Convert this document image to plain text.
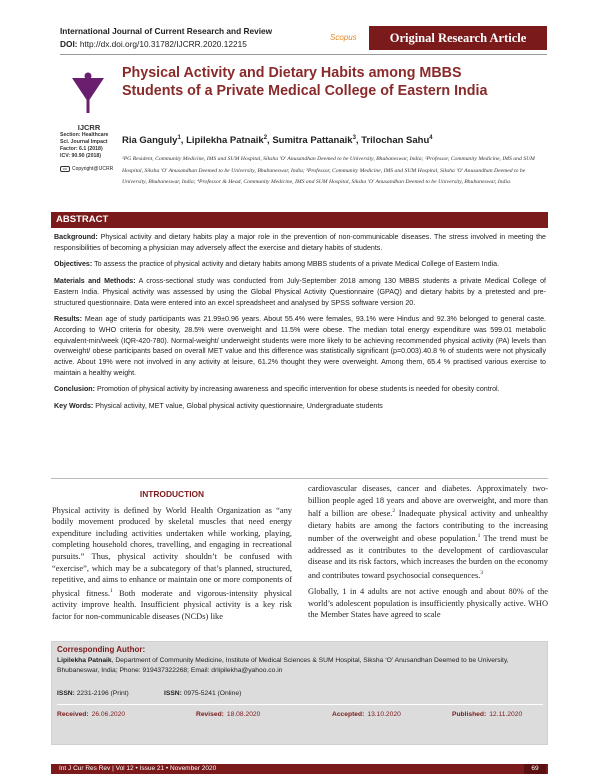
International Journal of Current Research and Review
DOI: http://dx.doi.org/10.31782/IJCRR.2020.12215
Scopus	Original Research Article
IJCRR
Section: Healthcare
Sci. Journal Impact
Factor: 6.1 (2018)
ICV: 90.90 (2018)
cc	Copyright@IJCRR
Physical Activity and Dietary Habits among MBBS Students of a Private Medical College of Eastern India
Ria Ganguly$^1$, Lipilekha Patnaik$^2$, Sumitra Pattanaik$^3$, Trilochan Sahu$^4$
¹PG Resident, Community Medicine, IMS and SUM Hospital, Siksha 'O' Anusandhan Deemed to be University, Bhubaneswar, India; ²Professor, Community Medicine, IMS and SUM Hospital, Siksha 'O' Anusandhan Deemed to be University, Bhubaneswar, India; ³Professor, Community Medicine, IMS and SUM Hospital, Siksha 'O' Anusandhan Deemed to be University, Bhubaneswar, India; ⁴Professor & Head, Community Medicine, IMS and SUM Hospital, Siksha 'O' Anusandhan Deemed to be University, Bhubaneswar, India.
ABSTRACT

Background: Physical activity and dietary habits play a major role in the prevention of non-communicable diseases. The stress involved in meeting the responsibilities of becoming a physician may adversely affect the exercise and dietary habits of students.

Objectives: To assess the practice of physical activity and dietary habits among MBBS students of a private Medical College of Eastern India.

Materials and Methods: A cross-sectional study was conducted from July-September 2018 among 130 MBBS students a private Medical College of Eastern India. Physical activity was assessed by using the Global Physical Activity Questionnaire (GPAQ) and dietary habits by a pretested and pre-structured questionnaire. Data were entered into an excel spreadsheet and analysed by SPSS software version 20.

Results: Mean age of study participants was 21.99±0.96 years. About 55.4% were females, 93.1% were Hindus and 92.3% belonged to general caste. According to WHO criteria for obesity, 28.5% were overweight and 11.5% were obese. The median total energy expenditure was 599.01 metabolic equivalent-min/week (IQR-420-780). Normal-weight/ underweight students were more likely to be achieving recommended physical activity (PA) levels than overweight/ obese participants based on overall MET value and this difference was statistically significant (p=0.003).40.8 % of students were not physically active. About 19% were not involved in any activity at leisure, 61.2% thought they were overweight. Among them, 65.4 % practised various exercise to maintain a healthy weight.

Conclusion: Promotion of physical activity by increasing awareness and specific intervention for obese students is needed for obesity control.

Key Words: Physical activity, MET value, Global physical activity questionnaire, Undergraduate students

INTRODUCTION

Physical activity is defined by World Health Organization as “any bodily movement produced by skeletal muscles that need energy expenditure including activities undertaken while working, playing, completing household chores, travelling, and engaging in recreational pursuits.” Thus, physical activity shouldn’t be confused with “exercise”, which may be a subcategory of that’s planned, structured, repetitive, and aims to enhance or maintain one or more components of physical fitness.$^1$ Both moderate and vigorous-intensity physical activity improve health. Insufficient physical activity is a key risk factor for non-communicable diseases (NCDs) like

cardiovascular diseases, cancer and diabetes. Approximately two-billion people aged 18 years and above are overweight, and more than half a billion are obese.$^2$ Inadequate physical activity and unhealthy dietary habits are among the factors contributing to the increasing number of the overweight and obese population.$^1$ The trend must be addressed as it contributes to the development of cardiovascular disease and its risk factors, which increases the burden on the economy and contributes toward psychosocial consequences.$^3$

Globally, 1 in 4 adults are not active enough and about 80% of the world’s adolescent population is insufficiently physically active. WHO the Member States have agreed to scale

Corresponding Author:
Lipilekha Patnaik, Department of Community Medicine, Institute of Medical Sciences & SUM Hospital, Siksha ‘O’ Anusandhan Deemed to be University, Bhubaneswar, India; Phone: 9194373222​68; Email: drlipilekha@yahoo.co.in
ISSN: 2231-2196 (Print)	ISSN: 0975-5241 (Online)
Received: 26.06.2020	Revised: 18.08.2020	Accepted: 13.10.2020	Published: 12.11.2020
Int J Cur Res Rev | Vol 12 • Issue 21 • November 2020	69
